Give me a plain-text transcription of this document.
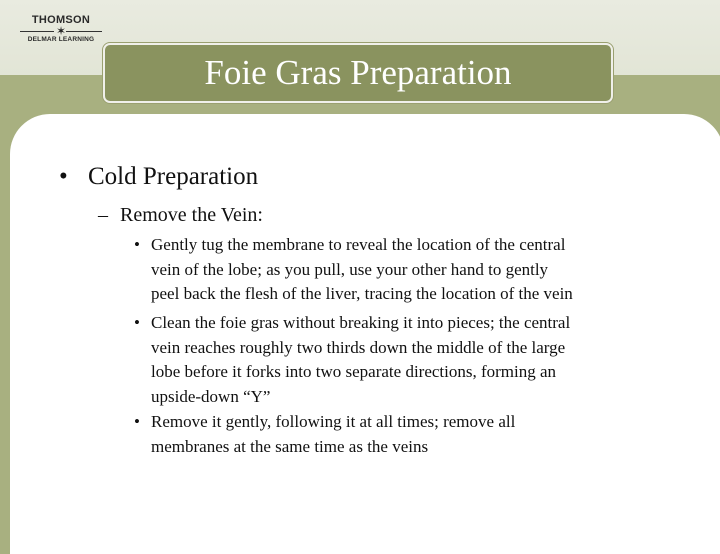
THOMSON
✶
DELMAR LEARNING
Foie Gras Preparation
• Cold Preparation
– Remove the Vein:
• Gently tug the membrane to reveal the location of the central
vein of the lobe; as you pull, use your other hand to gently
peel back the flesh of the liver, tracing the location of the vein
• Clean the foie gras without breaking it into pieces; the central
vein reaches roughly two thirds down the middle of the large
lobe before it forks into two separate directions, forming an
upside-down “Y”
• Remove it gently, following it at all times; remove all
membranes at the same time as the veins
